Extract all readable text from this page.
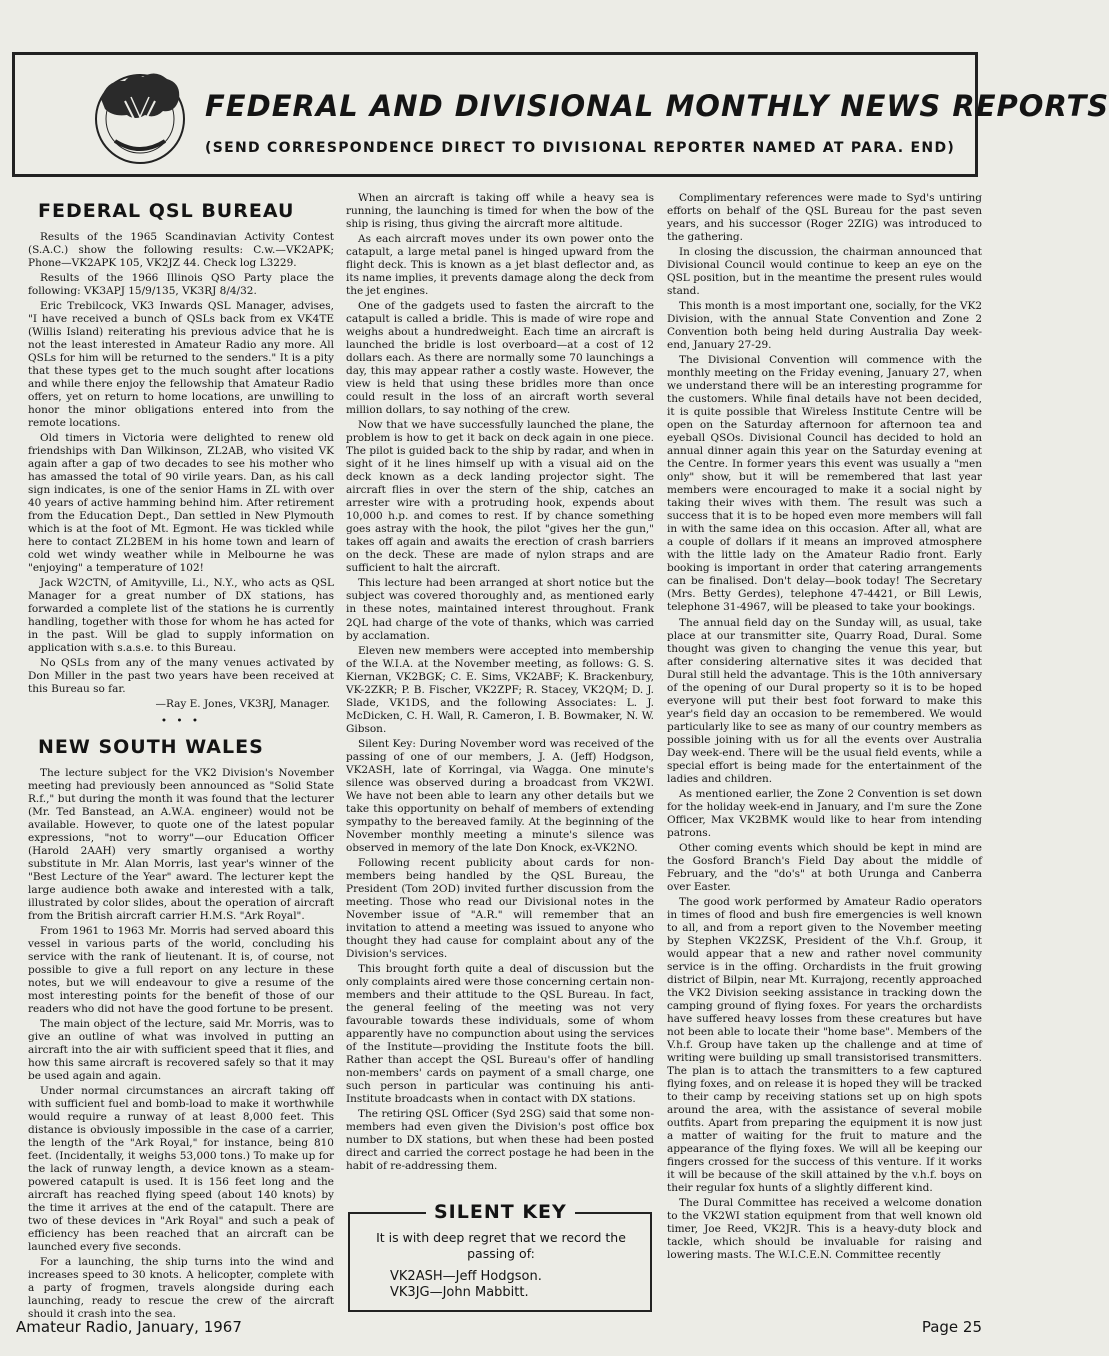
FEDERAL AND DIVISIONAL MONTHLY NEWS REPORTS
(SEND CORRESPONDENCE DIRECT TO DIVISIONAL REPORTER NAMED AT PARA. END)
FEDERAL QSL BUREAU

Results of the 1965 Scandinavian Activity Contest (S.A.C.) show the following results: C.w.—VK2APK; Phone—VK2APK 105, VK2JZ 44. Check log L3229.

Results of the 1966 Illinois QSO Party place the following: VK3APJ 15/9/135, VK3RJ 8/4/32.

Eric Trebilcock, VK3 Inwards QSL Manager, advises, "I have received a bunch of QSLs back from ex VK4TE (Willis Island) reiterating his previous advice that he is not the least interested in Amateur Radio any more. All QSLs for him will be returned to the senders." It is a pity that these types get to the much sought after locations and while there enjoy the fellowship that Amateur Radio offers, yet on return to home locations, are unwilling to honor the minor obligations entered into from the remote locations.

Old timers in Victoria were delighted to renew old friendships with Dan Wilkinson, ZL2AB, who visited VK again after a gap of two decades to see his mother who has amassed the total of 90 virile years. Dan, as his call sign indicates, is one of the senior Hams in ZL with over 40 years of active hamming behind him. After retirement from the Education Dept., Dan settled in New Plymouth which is at the foot of Mt. Egmont. He was tickled while here to contact ZL2BEM in his home town and learn of cold wet windy weather while in Melbourne he was "enjoying" a temperature of 102!

Jack W2CTN, of Amityville, Li., N.Y., who acts as QSL Manager for a great number of DX stations, has forwarded a complete list of the stations he is currently handling, together with those for whom he has acted for in the past. Will be glad to supply information on application with s.a.s.e. to this Bureau.

No QSLs from any of the many venues activated by Don Miller in the past two years have been received at this Bureau so far.

—Ray E. Jones, VK3RJ, Manager.
• • •
NEW SOUTH WALES

The lecture subject for the VK2 Division's November meeting had previously been announced as "Solid State R.f.," but during the month it was found that the lecturer (Mr. Ted Banstead, an A.W.A. engineer) would not be available. However, to quote one of the latest popular expressions, "not to worry"—our Education Officer (Harold 2AAH) very smartly organised a worthy substitute in Mr. Alan Morris, last year's winner of the "Best Lecture of the Year" award. The lecturer kept the large audience both awake and interested with a talk, illustrated by color slides, about the operation of aircraft from the British aircraft carrier H.M.S. "Ark Royal".

From 1961 to 1963 Mr. Morris had served aboard this vessel in various parts of the world, concluding his service with the rank of lieutenant. It is, of course, not possible to give a full report on any lecture in these notes, but we will endeavour to give a resume of the most interesting points for the benefit of those of our readers who did not have the good fortune to be present.

The main object of the lecture, said Mr. Morris, was to give an outline of what was involved in putting an aircraft into the air with sufficient speed that it flies, and how this same aircraft is recovered safely so that it may be used again and again.

Under normal circumstances an aircraft taking off with sufficient fuel and bomb-load to make it worthwhile would require a runway of at least 8,000 feet. This distance is obviously impossible in the case of a carrier, the length of the "Ark Royal," for instance, being 810 feet. (Incidentally, it weighs 53,000 tons.) To make up for the lack of runway length, a device known as a steam-powered catapult is used. It is 156 feet long and the aircraft has reached flying speed (about 140 knots) by the time it arrives at the end of the catapult. There are two of these devices in "Ark Royal" and such a peak of efficiency has been reached that an aircraft can be launched every five seconds.

For a launching, the ship turns into the wind and increases speed to 30 knots. A helicopter, complete with a party of frogmen, travels alongside during each launching, ready to rescue the crew of the aircraft should it crash into the sea.

When an aircraft is taking off while a heavy sea is running, the launching is timed for when the bow of the ship is rising, thus giving the aircraft more altitude.

As each aircraft moves under its own power onto the catapult, a large metal panel is hinged upward from the flight deck. This is known as a jet blast deflector and, as its name implies, it prevents damage along the deck from the jet engines.

One of the gadgets used to fasten the aircraft to the catapult is called a bridle. This is made of wire rope and weighs about a hundredweight. Each time an aircraft is launched the bridle is lost overboard—at a cost of 12 dollars each. As there are normally some 70 launchings a day, this may appear rather a costly waste. However, the view is held that using these bridles more than once could result in the loss of an aircraft worth several million dollars, to say nothing of the crew.

Now that we have successfully launched the plane, the problem is how to get it back on deck again in one piece. The pilot is guided back to the ship by radar, and when in sight of it he lines himself up with a visual aid on the deck known as a deck landing projector sight. The aircraft flies in over the stern of the ship, catches an arrester wire with a protruding hook, expends about 10,000 h.p. and comes to rest. If by chance something goes astray with the hook, the pilot "gives her the gun," takes off again and awaits the erection of crash barriers on the deck. These are made of nylon straps and are sufficient to halt the aircraft.

This lecture had been arranged at short notice but the subject was covered thoroughly and, as mentioned early in these notes, maintained interest throughout. Frank 2QL had charge of the vote of thanks, which was carried by acclamation.

Eleven new members were accepted into membership of the W.I.A. at the November meeting, as follows: G. S. Kiernan, VK2BGK; C. E. Sims, VK2ABF; K. Brackenbury, VK-2ZKR; P. B. Fischer, VK2ZPF; R. Stacey, VK2QM; D. J. Slade, VK1DS, and the following Associates: L. J. McDicken, C. H. Wall, R. Cameron, I. B. Bowmaker, N. W. Gibson.

Silent Key: During November word was received of the passing of one of our members, J. A. (Jeff) Hodgson, VK2ASH, late of Korringal, via Wagga. One minute's silence was observed during a broadcast from VK2WI. We have not been able to learn any other details but we take this opportunity on behalf of members of extending sympathy to the bereaved family. At the beginning of the November monthly meeting a minute's silence was observed in memory of the late Don Knock, ex-VK2NO.

Following recent publicity about cards for non-members being handled by the QSL Bureau, the President (Tom 2OD) invited further discussion from the meeting. Those who read our Divisional notes in the November issue of "A.R." will remember that an invitation to attend a meeting was issued to anyone who thought they had cause for complaint about any of the Division's services.

This brought forth quite a deal of discussion but the only complaints aired were those concerning certain non-members and their attitude to the QSL Bureau. In fact, the general feeling of the meeting was not very favourable towards these individuals, some of whom apparently have no compunction about using the services of the Institute—providing the Institute foots the bill. Rather than accept the QSL Bureau's offer of handling non-members' cards on payment of a small charge, one such person in particular was continuing his anti-Institute broadcasts when in contact with DX stations.

The retiring QSL Officer (Syd 2SG) said that some non-members had even given the Division's post office box number to DX stations, but when these had been posted direct and carried the correct postage he had been in the habit of re-addressing them.

SILENT KEY
It is with deep regret that we record the passing of:
VK2ASH—Jeff Hodgson.
VK3JG—John Mabbitt.

Complimentary references were made to Syd's untiring efforts on behalf of the QSL Bureau for the past seven years, and his successor (Roger 2ZIG) was introduced to the gathering.

In closing the discussion, the chairman announced that Divisional Council would continue to keep an eye on the QSL position, but in the meantime the present rules would stand.

This month is a most important one, socially, for the VK2 Division, with the annual State Convention and Zone 2 Convention both being held during Australia Day week-end, January 27-29.

The Divisional Convention will commence with the monthly meeting on the Friday evening, January 27, when we understand there will be an interesting programme for the customers. While final details have not been decided, it is quite possible that Wireless Institute Centre will be open on the Saturday afternoon for afternoon tea and eyeball QSOs. Divisional Council has decided to hold an annual dinner again this year on the Saturday evening at the Centre. In former years this event was usually a "men only" show, but it will be remembered that last year members were encouraged to make it a social night by taking their wives with them. The result was such a success that it is to be hoped even more members will fall in with the same idea on this occasion. After all, what are a couple of dollars if it means an improved atmosphere with the little lady on the Amateur Radio front. Early booking is important in order that catering arrangements can be finalised. Don't delay—book today! The Secretary (Mrs. Betty Gerdes), telephone 47-4421, or Bill Lewis, telephone 31-4967, will be pleased to take your bookings.

The annual field day on the Sunday will, as usual, take place at our transmitter site, Quarry Road, Dural. Some thought was given to changing the venue this year, but after considering alternative sites it was decided that Dural still held the advantage. This is the 10th anniversary of the opening of our Dural property so it is to be hoped everyone will put their best foot forward to make this year's field day an occasion to be remembered. We would particularly like to see as many of our country members as possible joining with us for all the events over Australia Day week-end. There will be the usual field events, while a special effort is being made for the entertainment of the ladies and children.

As mentioned earlier, the Zone 2 Convention is set down for the holiday week-end in January, and I'm sure the Zone Officer, Max VK2BMK would like to hear from intending patrons.

Other coming events which should be kept in mind are the Gosford Branch's Field Day about the middle of February, and the "do's" at both Urunga and Canberra over Easter.

The good work performed by Amateur Radio operators in times of flood and bush fire emergencies is well known to all, and from a report given to the November meeting by Stephen VK2ZSK, President of the V.h.f. Group, it would appear that a new and rather novel community service is in the offing. Orchardists in the fruit growing district of Bilpin, near Mt. Kurrajong, recently approached the VK2 Division seeking assistance in tracking down the camping ground of flying foxes. For years the orchardists have suffered heavy losses from these creatures but have not been able to locate their "home base". Members of the V.h.f. Group have taken up the challenge and at time of writing were building up small transistorised transmitters. The plan is to attach the transmitters to a few captured flying foxes, and on release it is hoped they will be tracked to their camp by receiving stations set up on high spots around the area, with the assistance of several mobile outfits. Apart from preparing the equipment it is now just a matter of waiting for the fruit to mature and the appearance of the flying foxes. We will all be keeping our fingers crossed for the success of this venture. If it works it will be because of the skill attained by the v.h.f. boys on their regular fox hunts of a slightly different kind.

The Dural Committee has received a welcome donation to the VK2WI station equipment from that well known old timer, Joe Reed, VK2JR. This is a heavy-duty block and tackle, which should be invaluable for raising and lowering masts. The W.I.C.E.N. Committee recently

Amateur Radio, January, 1967	Page 25
